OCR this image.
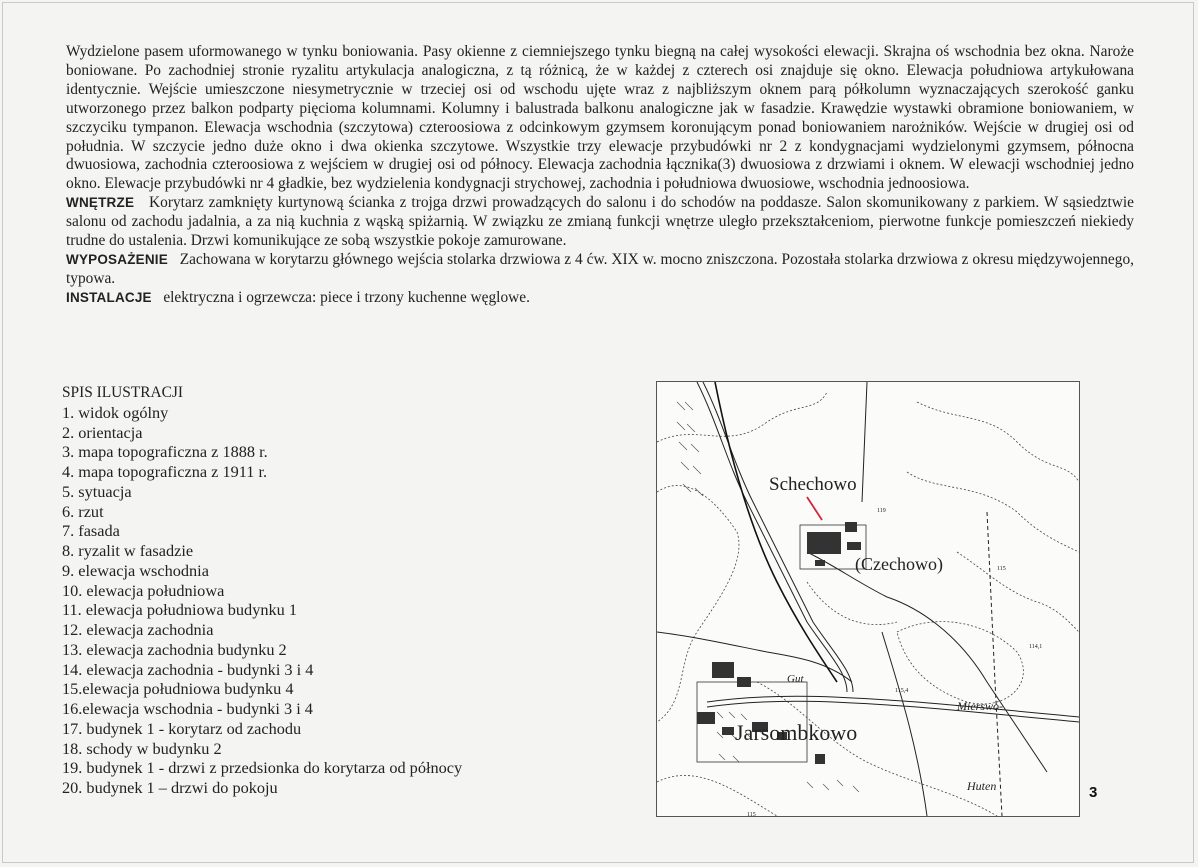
Wydzielone pasem uformowanego w tynku boniowania. Pasy okienne z ciemniejszego tynku biegną na całej wysokości elewacji. Skrajna oś wschodnia bez okna. Naroże boniowane. Po zachodniej stronie ryzalitu artykulacja analogiczna, z tą różnicą, że w każdej z czterech osi znajduje się okno. Elewacja południowa artykułowana identycznie. Wejście umieszczone niesymetrycznie w trzeciej osi od wschodu ujęte wraz z najbliższym oknem parą półkolumn wyznaczających szerokość ganku utworzonego przez balkon podparty pięcioma kolumnami. Kolumny i balustrada balkonu analogiczne jak w fasadzie. Krawędzie wystawki obramione boniowaniem, w szczyciku tympanon. Elewacja wschodnia (szczytowa) czteroosiowa z odcinkowym gzymsem koronującym ponad boniowaniem narożników. Wejście w drugiej osi od południa. W szczycie jedno duże okno i dwa okienka szczytowe. Wszystkie trzy elewacje przybudówki nr 2 z kondygnacjami wydzielonymi gzymsem, północna dwuosiowa, zachodnia czteroosiowa z wejściem w drugiej osi od północy. Elewacja zachodnia łącznika(3) dwuosiowa z drzwiami i oknem. W elewacji wschodniej jedno okno. Elewacje przybudówki nr 4 gładkie, bez wydzielenia kondygnacji strychowej, zachodnia i południowa dwuosiowe, wschodnia jednoosiowa.

WNĘTRZE Korytarz zamknięty kurtynową ścianka z trojga drzwi prowadzących do salonu i do schodów na poddasze. Salon skomunikowany z parkiem. W sąsiedztwie salonu od zachodu jadalnia, a za nią kuchnia z wąską spiżarnią. W związku ze zmianą funkcji wnętrze uległo przekształceniom, pierwotne funkcje pomieszczeń niekiedy trudne do ustalenia. Drzwi komunikujące ze sobą wszystkie pokoje zamurowane.

WYPOSAŻENIE Zachowana w korytarzu głównego wejścia stolarka drzwiowa z 4 ćw. XIX w. mocno zniszczona. Pozostała stolarka drzwiowa z okresu międzywojennego, typowa.

INSTALACJE elektryczna i ogrzewcza: piece i trzony kuchenne węglowe.

SPIS ILUSTRACJI

1. widok ogólny
2. orientacja
3. mapa topograficzna z 1888 r.
4. mapa topograficzna z 1911 r.
5. sytuacja
6. rzut
7. fasada
8. ryzalit w fasadzie
9. elewacja wschodnia
10. elewacja południowa
11. elewacja południowa budynku 1
12. elewacja zachodnia
13. elewacja zachodnia budynku 2
14. elewacja zachodnia - budynki 3 i 4
15.elewacja południowa budynku 4
16.elewacja wschodnia - budynki 3 i 4
17. budynek 1 - korytarz od zachodu
18. schody w budynku 2
19. budynek 1 - drzwi z przedsionka do korytarza od północy
20. budynek 1 – drzwi do pokoju
Schechowo
(Czechowo)
Jarsombkowo
Gut
Mierswo-
Huten
119
115,4
115
115
114,1
3
